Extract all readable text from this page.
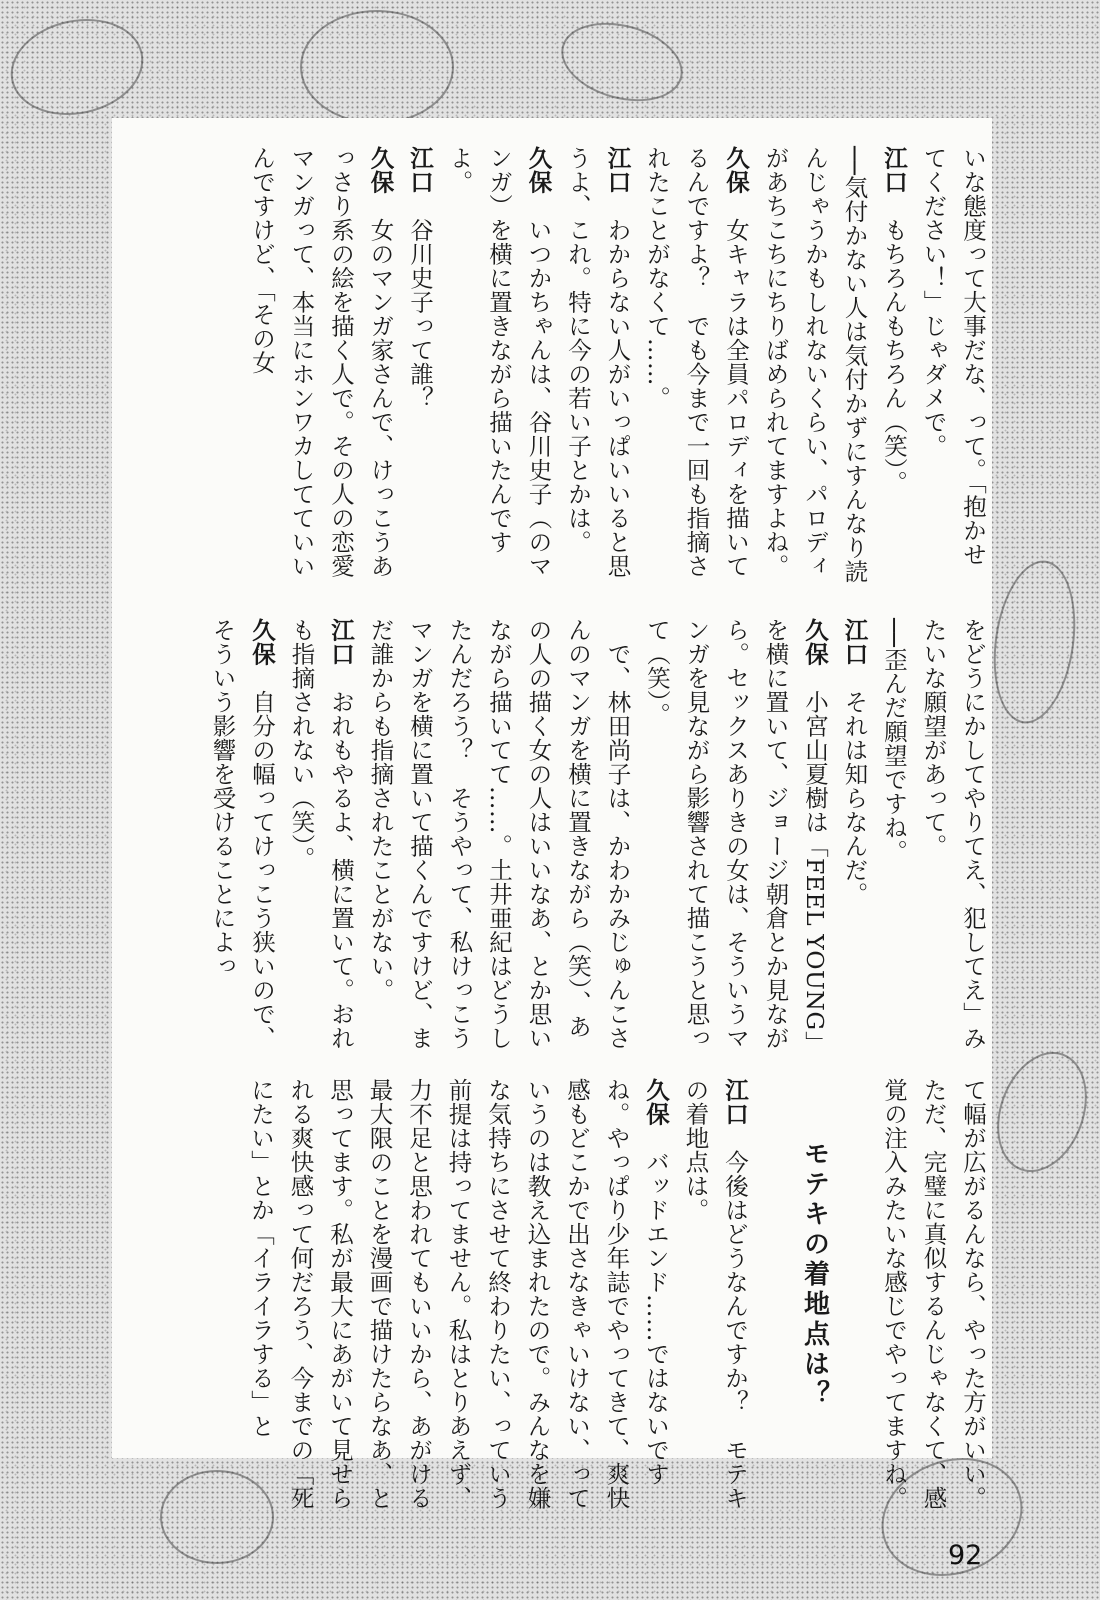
いな態度って大事だな、って。「抱かせてください！」じゃダメで。
江口　もちろんもちろん（笑）。
──気付かない人は気付かずにすんなり読んじゃうかもしれないくらい、パロディがあちこちにちりばめられてますよね。
久保　女キャラは全員パロディを描いてるんですよ？　でも今まで一回も指摘されたことがなくて……。
江口　わからない人がいっぱいいると思うよ、これ。特に今の若い子とかは。
久保　いつかちゃんは、谷川史子（のマンガ）を横に置きながら描いたんですよ。
江口　谷川史子って誰？
久保　女のマンガ家さんで、けっこうあっさり系の絵を描く人で。その人の恋愛マンガって、本当にホンワカしてていいんですけど、「その女
をどうにかしてやりてえ、犯してえ」みたいな願望があって。
──歪んだ願望ですね。
江口　それは知らなんだ。
久保　小宮山夏樹は「FEEL YOUNG」を横に置いて、ジョージ朝倉とか見ながら。セックスありきの女は、そういうマンガを見ながら影響されて描こうと思って（笑）。
　で、林田尚子は、かわかみじゅんこさんのマンガを横に置きながら（笑）、あの人の描く女の人はいいなあ、とか思いながら描いてて……。土井亜紀はどうしたんだろう？　そうやって、私けっこうマンガを横に置いて描くんですけど、まだ誰からも指摘されたことがない。
江口　おれもやるよ、横に置いて。おれも指摘されない（笑）。
久保　自分の幅ってけっこう狭いので、そういう影響を受けることによっ
て幅が広がるんなら、やった方がいい。ただ、完璧に真似するんじゃなくて、感覚の注入みたいな感じでやってますね。
モテキの着地点は？
江口　今後はどうなんですか？　モテキの着地点は。
久保　バッドエンド……ではないですね。やっぱり少年誌でやってきて、爽快感もどこかで出さなきゃいけない、っていうのは教え込まれたので。みんなを嫌な気持ちにさせて終わりたい、っていう前提は持ってません。私はとりあえず、力不足と思われてもいいから、あがける最大限のことを漫画で描けたらなあ、と思ってます。私が最大にあがいて見せられる爽快感って何だろう、今までの「死にたい」とか「イライラする」と
92
